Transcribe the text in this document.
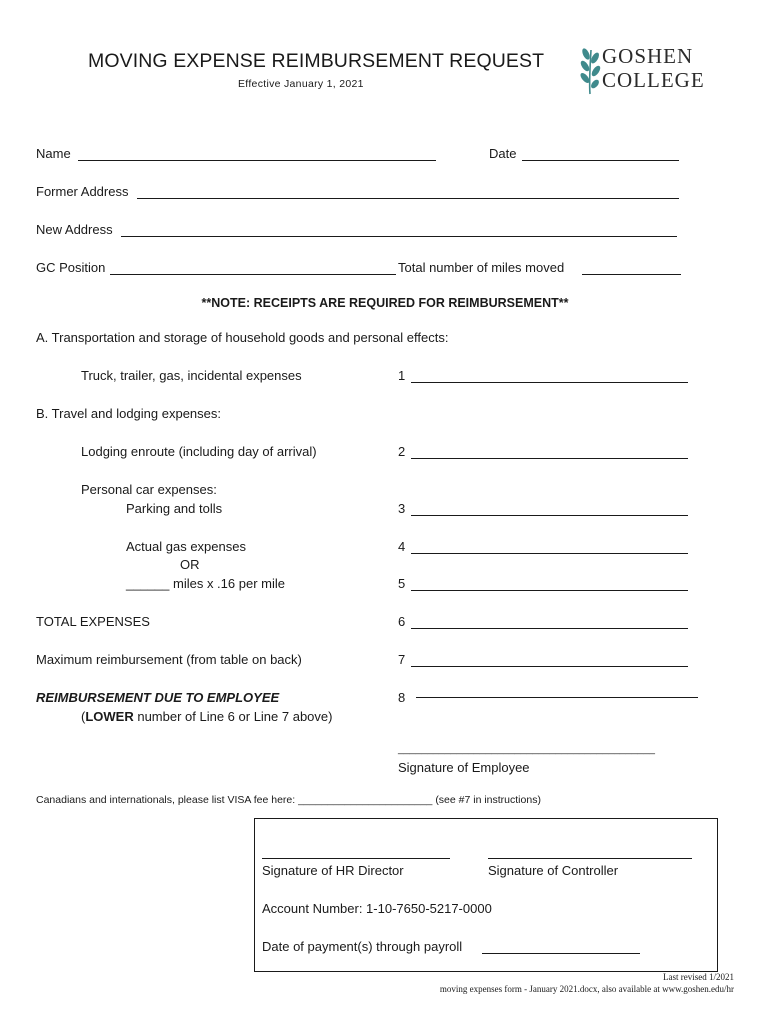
MOVING EXPENSE REIMBURSEMENT REQUEST
Effective January 1, 2021
GOSHEN
COLLEGE
Name	Date
Former Address
New Address
GC Position	Total number of miles moved
**NOTE: RECEIPTS ARE REQUIRED FOR REIMBURSEMENT**
A. Transportation and storage of household goods and personal effects:
Truck, trailer, gas, incidental expenses	1
B. Travel and lodging expenses:
Lodging enroute (including day of arrival)	2
Personal car expenses:
Parking and tolls	3
Actual gas expenses	4
OR
______ miles x .16 per mile	5
TOTAL EXPENSES	6
Maximum reimbursement (from table on back)	7
REIMBURSEMENT DUE TO EMPLOYEE	8
(LOWER number of Line 6 or Line 7 above)
____________________________________________
Signature of Employee
Canadians and internationals, please list VISA fee here: _______________________ (see #7 in instructions)
Signature of HR Director	Signature of Controller
Account Number: 1-10-7650-5217-0000
Date of payment(s) through payroll
Last revised 1/2021
moving expenses form - January 2021.docx, also available at www.goshen.edu/hr
